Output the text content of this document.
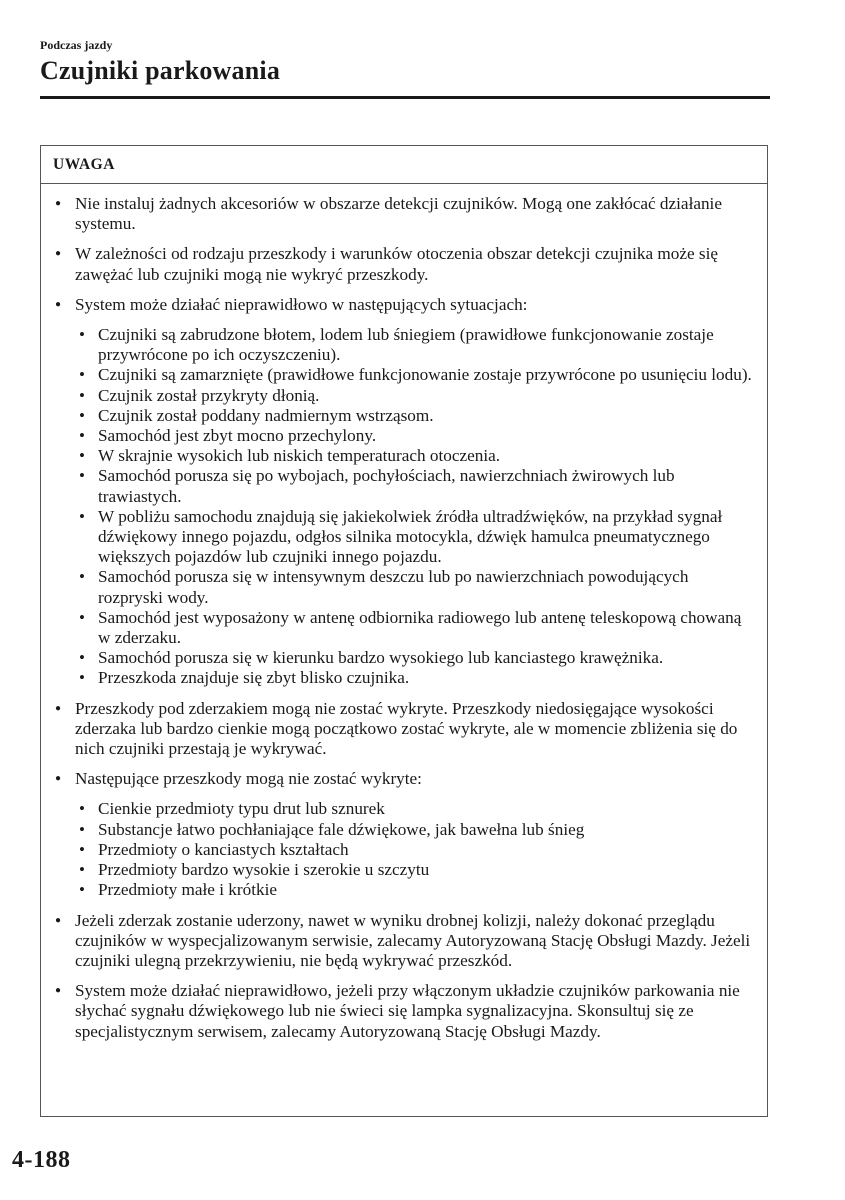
Podczas jazdy
Czujniki parkowania
UWAGA
● Nie instaluj żadnych akcesoriów w obszarze detekcji czujników. Mogą one zakłócać działanie systemu.
● W zależności od rodzaju przeszkody i warunków otoczenia obszar detekcji czujnika może się zawężać lub czujniki mogą nie wykryć przeszkody.
● System może działać nieprawidłowo w następujących sytuacjach:
• Czujniki są zabrudzone błotem, lodem lub śniegiem (prawidłowe funkcjonowanie zostaje przywrócone po ich oczyszczeniu).
• Czujniki są zamarznięte (prawidłowe funkcjonowanie zostaje przywrócone po usunięciu lodu).
• Czujnik został przykryty dłonią.
• Czujnik został poddany nadmiernym wstrząsom.
• Samochód jest zbyt mocno przechylony.
• W skrajnie wysokich lub niskich temperaturach otoczenia.
• Samochód porusza się po wybojach, pochyłościach, nawierzchniach żwirowych lub trawiastych.
• W pobliżu samochodu znajdują się jakiekolwiek źródła ultradźwięków, na przykład sygnał dźwiękowy innego pojazdu, odgłos silnika motocykla, dźwięk hamulca pneumatycznego większych pojazdów lub czujniki innego pojazdu.
• Samochód porusza się w intensywnym deszczu lub po nawierzchniach powodujących rozpryski wody.
• Samochód jest wyposażony w antenę odbiornika radiowego lub antenę teleskopową chowaną w zderzaku.
• Samochód porusza się w kierunku bardzo wysokiego lub kanciastego krawężnika.
• Przeszkoda znajduje się zbyt blisko czujnika.
● Przeszkody pod zderzakiem mogą nie zostać wykryte. Przeszkody niedosięgające wysokości zderzaka lub bardzo cienkie mogą początkowo zostać wykryte, ale w momencie zbliżenia się do nich czujniki przestają je wykrywać.
● Następujące przeszkody mogą nie zostać wykryte:
• Cienkie przedmioty typu drut lub sznurek
• Substancje łatwo pochłaniające fale dźwiękowe, jak bawełna lub śnieg
• Przedmioty o kanciastych kształtach
• Przedmioty bardzo wysokie i szerokie u szczytu
• Przedmioty małe i krótkie
● Jeżeli zderzak zostanie uderzony, nawet w wyniku drobnej kolizji, należy dokonać przeglądu czujników w wyspecjalizowanym serwisie, zalecamy Autoryzowaną Stację Obsługi Mazdy. Jeżeli czujniki ulegną przekrzywieniu, nie będą wykrywać przeszkód.
● System może działać nieprawidłowo, jeżeli przy włączonym układzie czujników parkowania nie słychać sygnału dźwiękowego lub nie świeci się lampka sygnalizacyjna. Skonsultuj się ze specjalistycznym serwisem, zalecamy Autoryzowaną Stację Obsługi Mazdy.
4-188
